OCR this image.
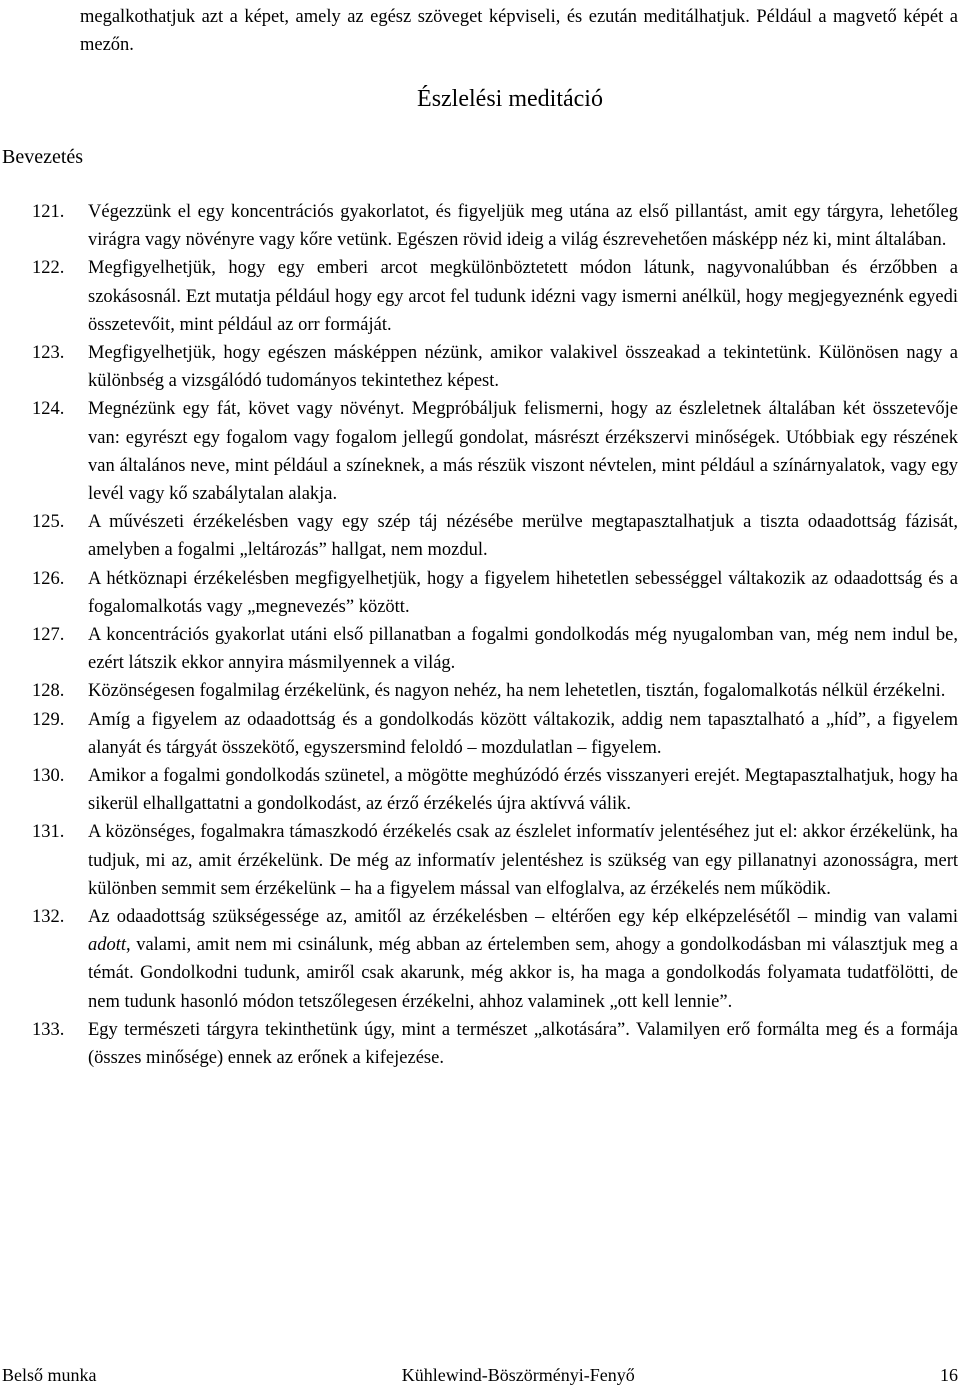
megalkothatjuk azt a képet, amely az egész szöveget képviseli, és ezután meditálhatjuk. Például a magvető képét a mezőn.
Észlelési meditáció
Bevezetés
121.	Végezzünk el egy koncentrációs gyakorlatot, és figyeljük meg utána az első pillantást, amit egy tárgyra, lehetőleg virágra vagy növényre vagy kőre vetünk. Egészen rövid ideig a világ észrevehetően másképp néz ki, mint általában.
122.	Megfigyelhetjük, hogy egy emberi arcot megkülönböztetett módon látunk, nagyvonalúbban és érzőbben a szokásosnál. Ezt mutatja például hogy egy arcot fel tudunk idézni vagy ismerni anélkül, hogy megjegyeznénk egyedi összetevőit, mint például az orr formáját.
123.	Megfigyelhetjük, hogy egészen másképpen nézünk, amikor valakivel összeakad a tekintetünk. Különösen nagy a különbség a vizsgálódó tudományos tekintethez képest.
124.	Megnézünk egy fát, követ vagy növényt. Megpróbáljuk felismerni, hogy az észleletnek általában két összetevője van: egyrészt egy fogalom vagy fogalom jellegű gondolat, másrészt érzékszervi minőségek. Utóbbiak egy részének van általános neve, mint például a színeknek, a más részük viszont névtelen, mint például a színárnyalatok, vagy egy levél vagy kő szabálytalan alakja.
125.	A művészeti érzékelésben vagy egy szép táj nézésébe merülve megtapasztalhatjuk a tiszta odaadottság fázisát, amelyben a fogalmi „leltározás” hallgat, nem mozdul.
126.	A hétköznapi érzékelésben megfigyelhetjük, hogy a figyelem hihetetlen sebességgel váltakozik az odaadottság és a fogalomalkotás vagy „megnevezés” között.
127.	A koncentrációs gyakorlat utáni első pillanatban a fogalmi gondolkodás még nyugalomban van, még nem indul be, ezért látszik ekkor annyira másmilyennek a világ.
128.	Közönségesen fogalmilag érzékelünk, és nagyon nehéz, ha nem lehetetlen, tisztán, fogalomalkotás nélkül érzékelni.
129.	Amíg a figyelem az odaadottság és a gondolkodás között váltakozik, addig nem tapasztalható a „híd”, a figyelem alanyát és tárgyát összekötő, egyszersmind feloldó – mozdulatlan – figyelem.
130.	Amikor a fogalmi gondolkodás szünetel, a mögötte meghúzódó érzés visszanyeri erejét. Megtapasztalhatjuk, hogy ha sikerül elhallgattatni a gondolkodást, az érző érzékelés újra aktívvá válik.
131.	A közönséges, fogalmakra támaszkodó érzékelés csak az észlelet informatív jelentéséhez jut el: akkor érzékelünk, ha tudjuk, mi az, amit érzékelünk. De még az informatív jelentéshez is szükség van egy pillanatnyi azonosságra, mert különben semmit sem érzékelünk – ha a figyelem mással van elfoglalva, az érzékelés nem működik.
132.	Az odaadottság szükségessége az, amitől az érzékelésben – eltérően egy kép elképzelésétől – mindig van valami adott, valami, amit nem mi csinálunk, még abban az értelemben sem, ahogy a gondolkodásban mi választjuk meg a témát. Gondolkodni tudunk, amiről csak akarunk, még akkor is, ha maga a gondolkodás folyamata tudatfölötti, de nem tudunk hasonló módon tetszőlegesen érzékelni, ahhoz valaminek „ott kell lennie”.
133.	Egy természeti tárgyra tekinthetünk úgy, mint a természet „alkotására”. Valamilyen erő formálta meg és a formája (összes minősége) ennek az erőnek a kifejezése.
Belső munka	Kühlewind-Böszörményi-Fenyő	16
